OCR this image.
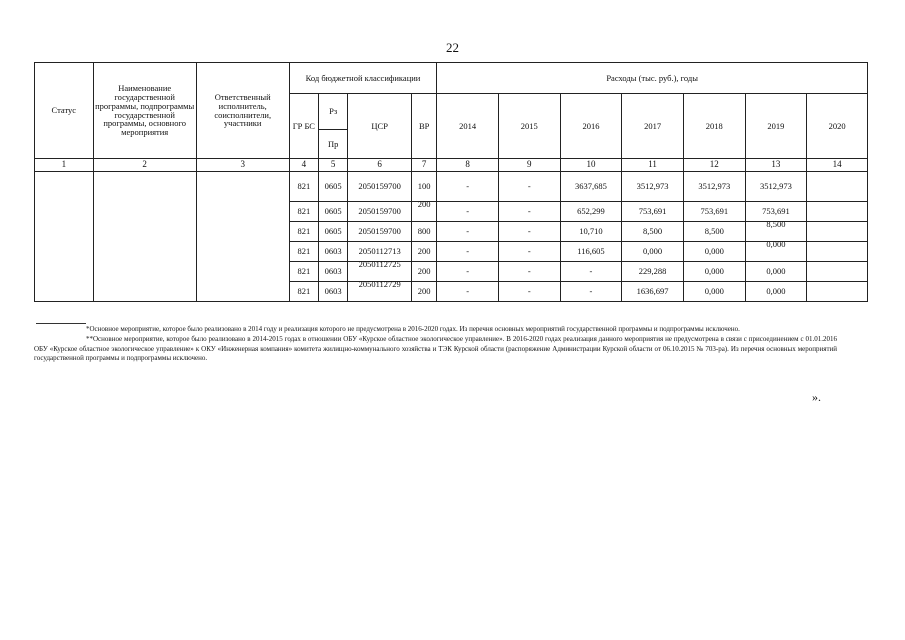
22
Статус	Наименование государственной программы, подпрограммы государственной программы, основного мероприятия	Ответственный исполнитель, соисполнители, участники	Код бюджетной классификации				Расходы (тыс. руб.), годы						
			ГР БС	Рз	ЦСР	ВР	2014	2015	2016	2017	2018	2019	2020
				Пр									
1	2	3	4	5	6	7	8	9	10	11	12	13	14
			821	0605	2050159700	100	-	-	3637,685	3512,973	3512,973	3512,973	
			821	0605	2050159700	200	-	-	652,299	753,691	753,691	753,691	
			821	0605	2050159700	800	-	-	10,710	8,500	8,500	8,500	
			821	0603	2050112713	200	-	-	116,605	0,000	0,000	0,000	
			821	0603	2050112725	200	-	-	-	229,288	0,000	0,000	
			821	0603	2050112729	200	-	-	-	1636,697	0,000	0,000	

*Основное мероприятие, которое было реализовано в 2014 году и реализация которого не предусмотрена в 2016-2020 годах. Из перечня основных мероприятий государственной программы и подпрограммы исключено.

**Основное мероприятие, которое было реализовано в 2014-2015 годах в отношении ОБУ «Курское областное экологическое управление». В 2016-2020 годах реализация данного мероприятия не предусмотрена в связи с присоединением с 01.01.2016 ОБУ «Курское областное экологическое управление» к ОКУ «Инженерная компания» комитета жилищно-коммунального хозяйства и ТЭК Курской области (распоряжение Администрации Курской области от 06.10.2015 № 703-ра). Из перечня основных мероприятий государственной программы и подпрограммы исключено.

».
